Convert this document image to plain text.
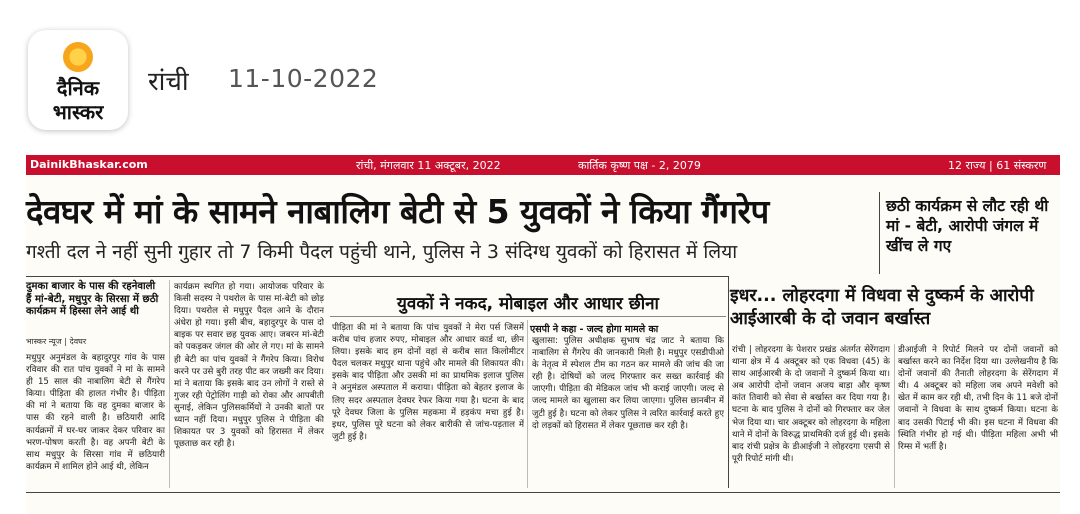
दैनिक
भास्कर
रांची 11-10-2022
DainikBhaskar.com	रांची, मंगलवार 11 अक्टूबर, 2022	कार्तिक कृष्ण पक्ष - 2, 2079	12 राज्य | 61 संस्करण
देवघर में मां के सामने नाबालिग बेटी से 5 युवकों ने किया गैंगरेप
गश्ती दल ने नहीं सुनी गुहार तो 7 किमी पैदल पहुंची थाने, पुलिस ने 3 संदिग्ध युवकों को हिरासत में लिया
छठी कार्यक्रम से लौट रही थी मां - बेटी, आरोपी जंगल में खींच ले गए
दुमका बाजार के पास की रहनेवाली हैं मां-बेटी, मधुपुर के सिरसा में छठी कार्यक्रम में हिस्सा लेने आई थी
भास्कर न्यूज | देवघर
मधुपुर अनुमंडल के बहादुरपुर गांव के पास रविवार की रात पांच युवकों ने मां के सामने ही 15 साल की नाबालिग बेटी से गैंगरेप किया। पीड़िता की हालत गंभीर है। पीड़िता की मां ने बताया कि वह दुमका बाजार के पास की रहने वाली है। छठियारी आदि कार्यक्रमों में घर-घर जाकर देकर परिवार का भरण-पोषण करती है। वह अपनी बेटी के साथ मधुपुर के सिरसा गांव में छठियारी कार्यक्रम में शामिल होने आई थी, लेकिन
कार्यक्रम स्थगित हो गया। आयोजक परिवार के किसी सदस्य ने पथरोल के पास मां-बेटी को छोड़ दिया। पथरोल से मधुपुर पैदल आने के दौरान अंधेरा हो गया। इसी बीच, बहादुरपुर के पास दो बाइक पर सवार छह युवक आए। जबरन मां-बेटी को पकड़कर जंगल की ओर ले गए। मां के सामने ही बेटी का पांच युवकों ने गैंगरेप किया। विरोध करने पर उसे बुरी तरह पीट कर जख्मी कर दिया। मां ने बताया कि इसके बाद उन लोगों ने रास्ते से गुजर रही पेट्रोलिंग गाड़ी को रोका और आपबीती सुनाई, लेकिन पुलिसकर्मियों ने उनकी बातों पर ध्यान नहीं दिया। मधुपुर पुलिस ने पीड़िता की शिकायत पर 3 युवकों को हिरासत में लेकर पूछताछ कर रही है।
युवकों ने नकद, मोबाइल और आधार छीना
पीड़िता की मां ने बताया कि पांच युवकों ने मेरा पर्स जिसमें करीब पांच हजार रुपए, मोबाइल और आधार कार्ड था, छीन लिया। इसके बाद हम दोनों वहां से करीब सात किलोमीटर पैदल चलकर मधुपुर थाना पहुंचे और मामले की शिकायत की। इसके बाद पीड़िता और उसकी मां का प्राथमिक इलाज पुलिस ने अनुमंडल अस्पताल में कराया। पीड़िता को बेहतर इलाज के लिए सदर अस्पताल देवघर रेफर किया गया है। घटना के बाद पूरे देवघर जिला के पुलिस महकमा में हड़कंप मचा हुई है। इधर, पुलिस पूरे घटना को लेकर बारीकी से जांच-पड़ताल में जुटी हुई है।
एसपी ने कहा - जल्द होगा मामले का
खुलासा: पुलिस अधीक्षक सुभाष चंद्र जाट ने बताया कि नाबालिग से गैंगरेप की जानकारी मिली है। मधुपुर एसडीपीओ के नेतृत्व में स्पेशल टीम का गठन कर मामले की जांच की जा रही है। दोषियों को जल्द गिरफ्तार कर सख्त कार्रवाई की जाएगी। पीड़िता की मेडिकल जांच भी कराई जाएगी। जल्द से जल्द मामले का खुलासा कर लिया जाएगा। पुलिस छानबीन में जुटी हुई है। घटना को लेकर पुलिस ने त्वरित कार्रवाई करते हुए दो लड़कों को हिरासत में लेकर पूछताछ कर रही है।
इधर... लोहरदगा में विधवा से दुष्कर्म के आरोपी आईआरबी के दो जवान बर्खास्त
रांची | लोहरदगा के पेशरार प्रखंड अंतर्गत सेरेंगदाग थाना क्षेत्र में 4 अक्टूबर को एक विधवा (45) के साथ आईआरबी के दो जवानों ने दुष्कर्म किया था। अब आरोपी दोनों जवान अजय बाड़ा और कृष्ण कांत तिवारी को सेवा से बर्खास्त कर दिया गया है। घटना के बाद पुलिस ने दोनों को गिरफ्तार कर जेल भेज दिया था। चार अक्टूबर को लोहरदगा के महिला थाने में दोनों के विरुद्ध प्राथमिकी दर्ज हुई थी। इसके बाद रांची प्रक्षेत्र के डीआईजी ने लोहरदगा एसपी से पूरी रिपोर्ट मांगी थी।
डीआईजी ने रिपोर्ट मिलने पर दोनों जवानों को बर्खास्त करने का निर्देश दिया था। उल्लेखनीय है कि दोनों जवानों की तैनाती लोहरदगा के सेरेंगदाग में थी। 4 अक्टूबर को महिला जब अपने मवेशी को खेत में काम कर रही थी, तभी दिन के 11 बजे दोनों जवानों ने विधवा के साथ दुष्कर्म किया। घटना के बाद उसकी पिटाई भी की। इस घटना में विधवा की स्थिति गंभीर हो गई थी। पीड़िता महिला अभी भी रिम्स में भर्ती है।
